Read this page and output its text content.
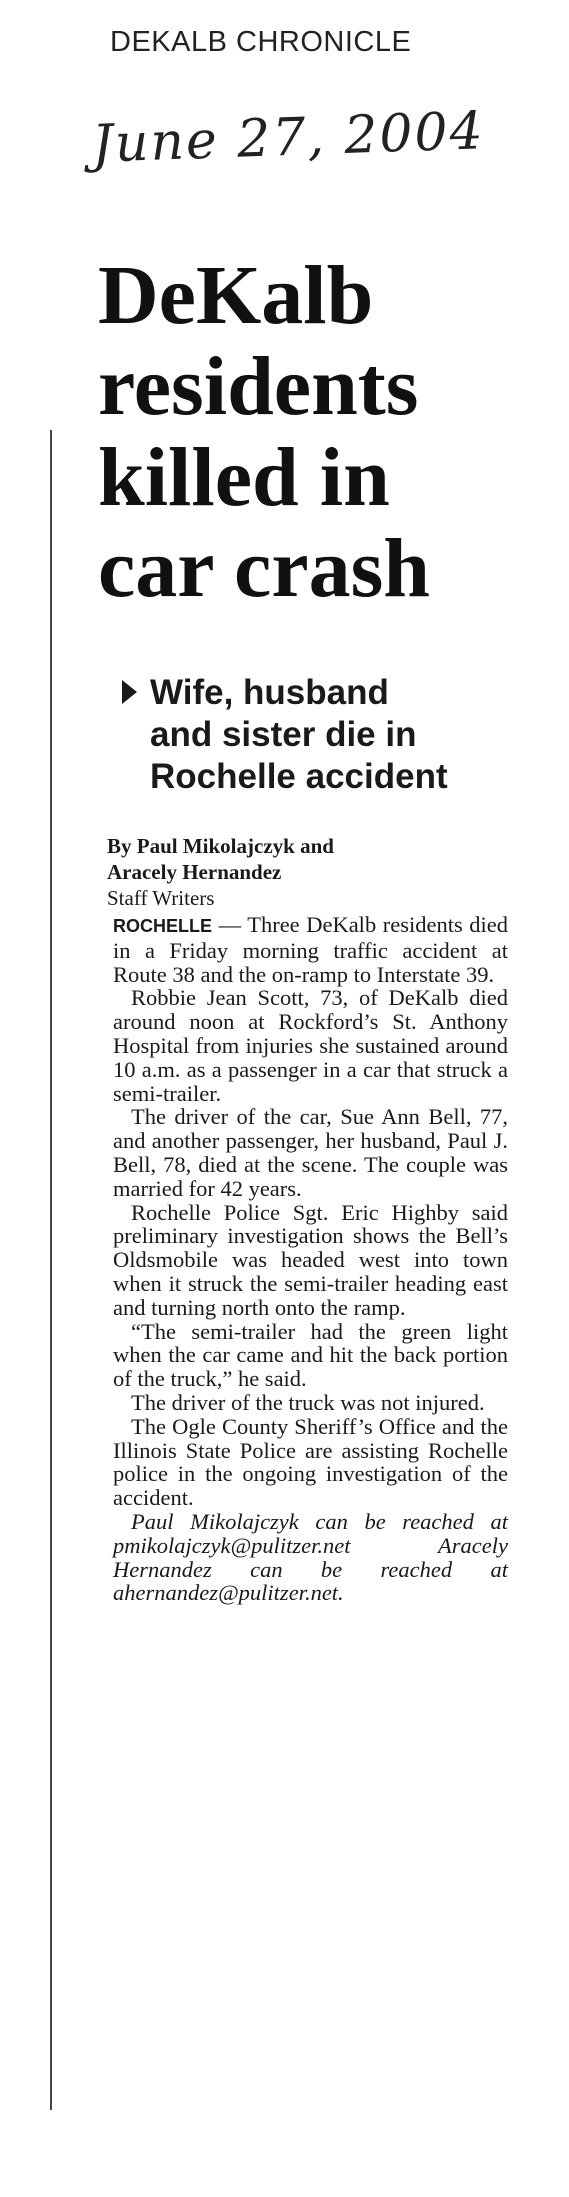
DEKALB CHRONICLE
June 27, 2004
DeKalb
residents
killed in
car crash
Wife, husband
and sister die in
Rochelle accident
By Paul Mikolajczyk and
Aracely Hernandez
Staff Writers

ROCHELLE — Three DeKalb residents died in a Friday morning traffic accident at Route 38 and the on-ramp to Interstate 39.

Robbie Jean Scott, 73, of DeKalb died around noon at Rockford’s St. Anthony Hospital from injuries she sustained around 10 a.m. as a passenger in a car that struck a semi-trailer.

The driver of the car, Sue Ann Bell, 77, and another passenger, her husband, Paul J. Bell, 78, died at the scene. The couple was married for 42 years.

Rochelle Police Sgt. Eric Highby said preliminary investigation shows the Bell’s Oldsmobile was headed west into town when it struck the semi-trailer heading east and turning north onto the ramp.

“The semi-trailer had the green light when the car came and hit the back portion of the truck,” he said.

The driver of the truck was not injured.

The Ogle County Sheriff’s Office and the Illinois State Police are assisting Rochelle police in the ongoing investigation of the accident.

Paul Mikolajczyk can be reached at pmikolajczyk@pulitzer.net Aracely Hernandez can be reached at ahernandez@pulitzer.net.
